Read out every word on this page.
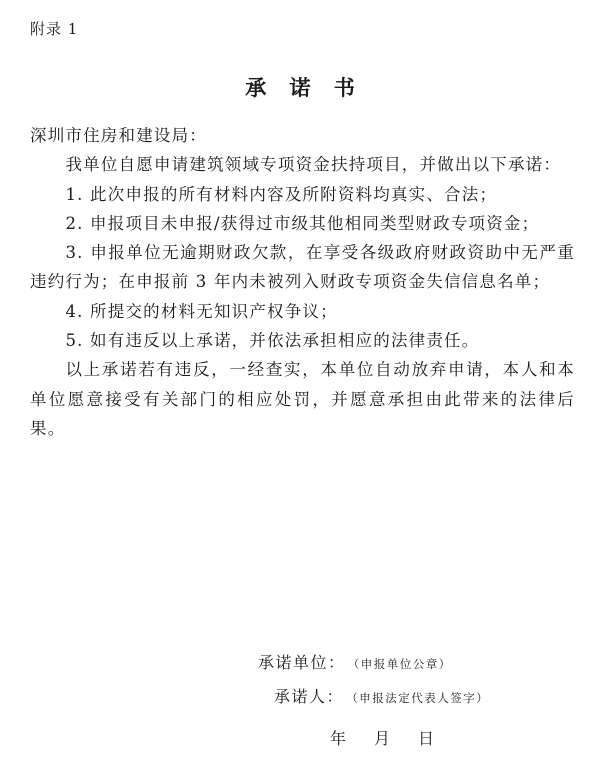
附录 1
承 诺 书

深圳市住房和建设局：

我单位自愿申请建筑领域专项资金扶持项目，并做出以下承诺：

1. 此次申报的所有材料内容及所附资料均真实、合法；

2. 申报项目未申报/获得过市级其他相同类型财政专项资金；

3. 申报单位无逾期财政欠款，在享受各级政府财政资助中无严重违约行为；在申报前 3 年内未被列入财政专项资金失信信息名单；

4. 所提交的材料无知识产权争议；

5. 如有违反以上承诺，并依法承担相应的法律责任。

以上承诺若有违反，一经查实，本单位自动放弃申请，本人和本单位愿意接受有关部门的相应处罚，并愿意承担由此带来的法律后果。

承诺单位： （申报单位公章）
承诺人： （申报法定代表人签字）
年 月 日
